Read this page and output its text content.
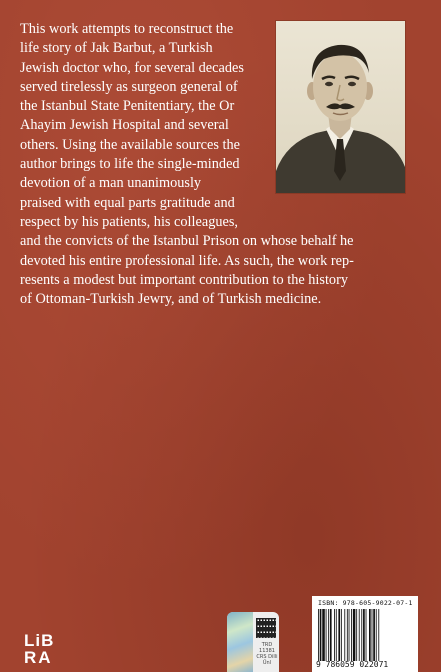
This work attempts to reconstruct the
life story of Jak Barbut, a Turkish
Jewish doctor who, for several decades
served tirelessly as surgeon general of
the Istanbul State Penitentiary, the Or
Ahayim Jewish Hospital and several
others. Using the available sources the
author brings to life the single-minded
devotion of a man unanimously
praised with equal parts gratitude and
respect by his patients, his colleagues,
and the convicts of the Istanbul Prison on whose behalf he
devoted his entire professional life. As such, the work rep-
resents a modest but important contribution to the history
of Ottoman-Turkish Jewry, and of Turkish medicine.
LiB
RA
TRD 11381 CRS Dilli Ünl
ISBN: 978-605-9022-07-1
9 786059 022071
